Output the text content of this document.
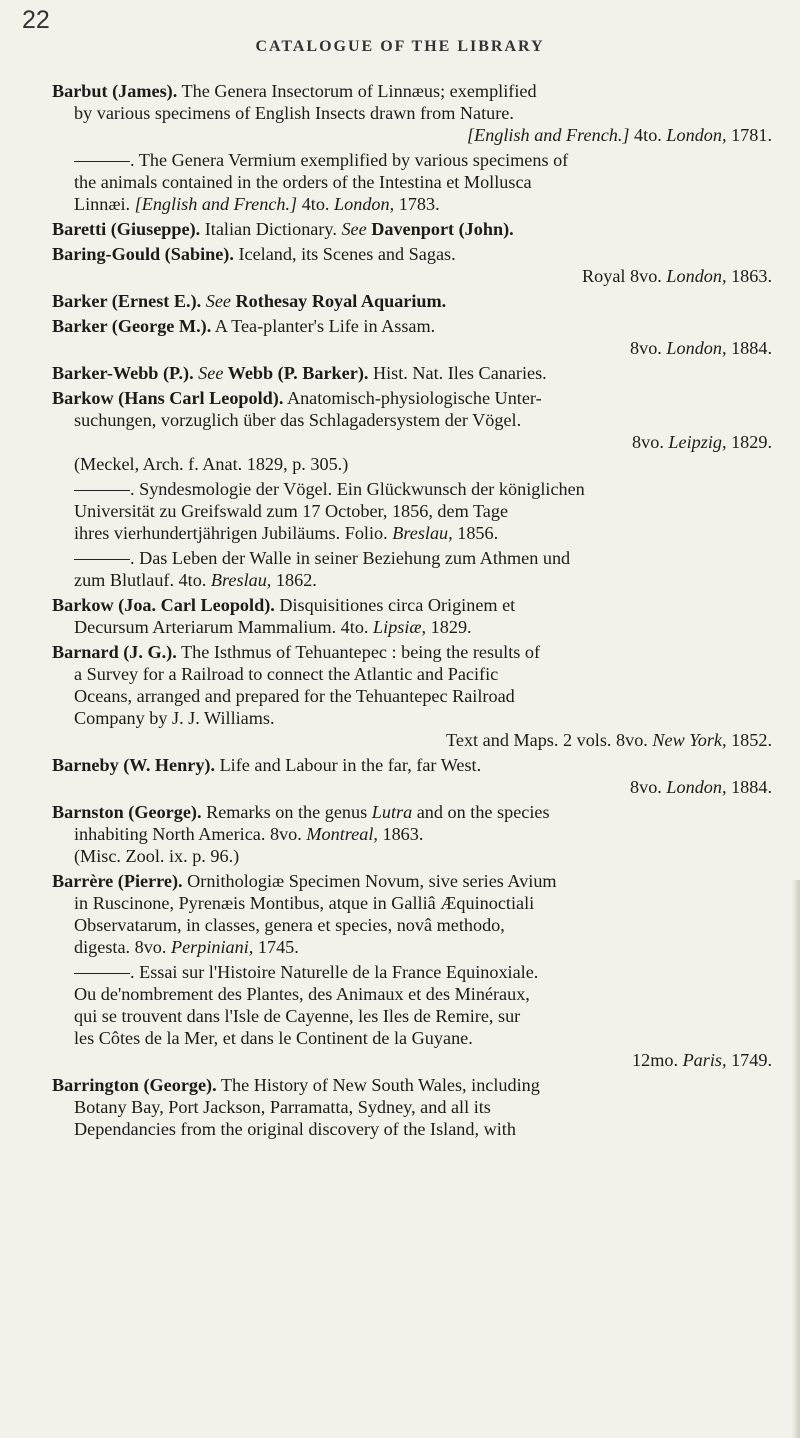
22
CATALOGUE OF THE LIBRARY
Barbut (James). The Genera Insectorum of Linnæus; exemplified
by various specimens of English Insects drawn from Nature.
[English and French.] 4to. London, 1781.
. The Genera Vermium exemplified by various specimens of
the animals contained in the orders of the Intestina et Mollusca
Linnæi. [English and French.] 4to. London, 1783.
Baretti (Giuseppe). Italian Dictionary. See Davenport (John).
Baring-Gould (Sabine). Iceland, its Scenes and Sagas.
Royal 8vo. London, 1863.
Barker (Ernest E.). See Rothesay Royal Aquarium.
Barker (George M.). A Tea-planter's Life in Assam.
8vo. London, 1884.
Barker-Webb (P.). See Webb (P. Barker). Hist. Nat. Iles Canaries.
Barkow (Hans Carl Leopold). Anatomisch-physiologische Unter-
suchungen, vorzuglich über das Schlagadersystem der Vögel.
8vo. Leipzig, 1829.
(Meckel, Arch. f. Anat. 1829, p. 305.)
. Syndesmologie der Vögel. Ein Glückwunsch der königlichen
Universität zu Greifswald zum 17 October, 1856, dem Tage
ihres vierhundertjährigen Jubiläums. Folio. Breslau, 1856.
. Das Leben der Walle in seiner Beziehung zum Athmen und
zum Blutlauf. 4to. Breslau, 1862.
Barkow (Joa. Carl Leopold). Disquisitiones circa Originem et
Decursum Arteriarum Mammalium. 4to. Lipsiæ, 1829.
Barnard (J. G.). The Isthmus of Tehuantepec : being the results of
a Survey for a Railroad to connect the Atlantic and Pacific
Oceans, arranged and prepared for the Tehuantepec Railroad
Company by J. J. Williams.
Text and Maps. 2 vols. 8vo. New York, 1852.
Barneby (W. Henry). Life and Labour in the far, far West.
8vo. London, 1884.
Barnston (George). Remarks on the genus Lutra and on the species
inhabiting North America. 8vo. Montreal, 1863.
(Misc. Zool. ix. p. 96.)
Barrère (Pierre). Ornithologiæ Specimen Novum, sive series Avium
in Ruscinone, Pyrenæis Montibus, atque in Galliâ Æquinoctiali
Observatarum, in classes, genera et species, novâ methodo,
digesta. 8vo. Perpiniani, 1745.
. Essai sur l'Histoire Naturelle de la France Equinoxiale.
Ou de'nombrement des Plantes, des Animaux et des Minéraux,
qui se trouvent dans l'Isle de Cayenne, les Iles de Remire, sur
les Côtes de la Mer, et dans le Continent de la Guyane.
12mo. Paris, 1749.
Barrington (George). The History of New South Wales, including
Botany Bay, Port Jackson, Parramatta, Sydney, and all its
Dependancies from the original discovery of the Island, with
